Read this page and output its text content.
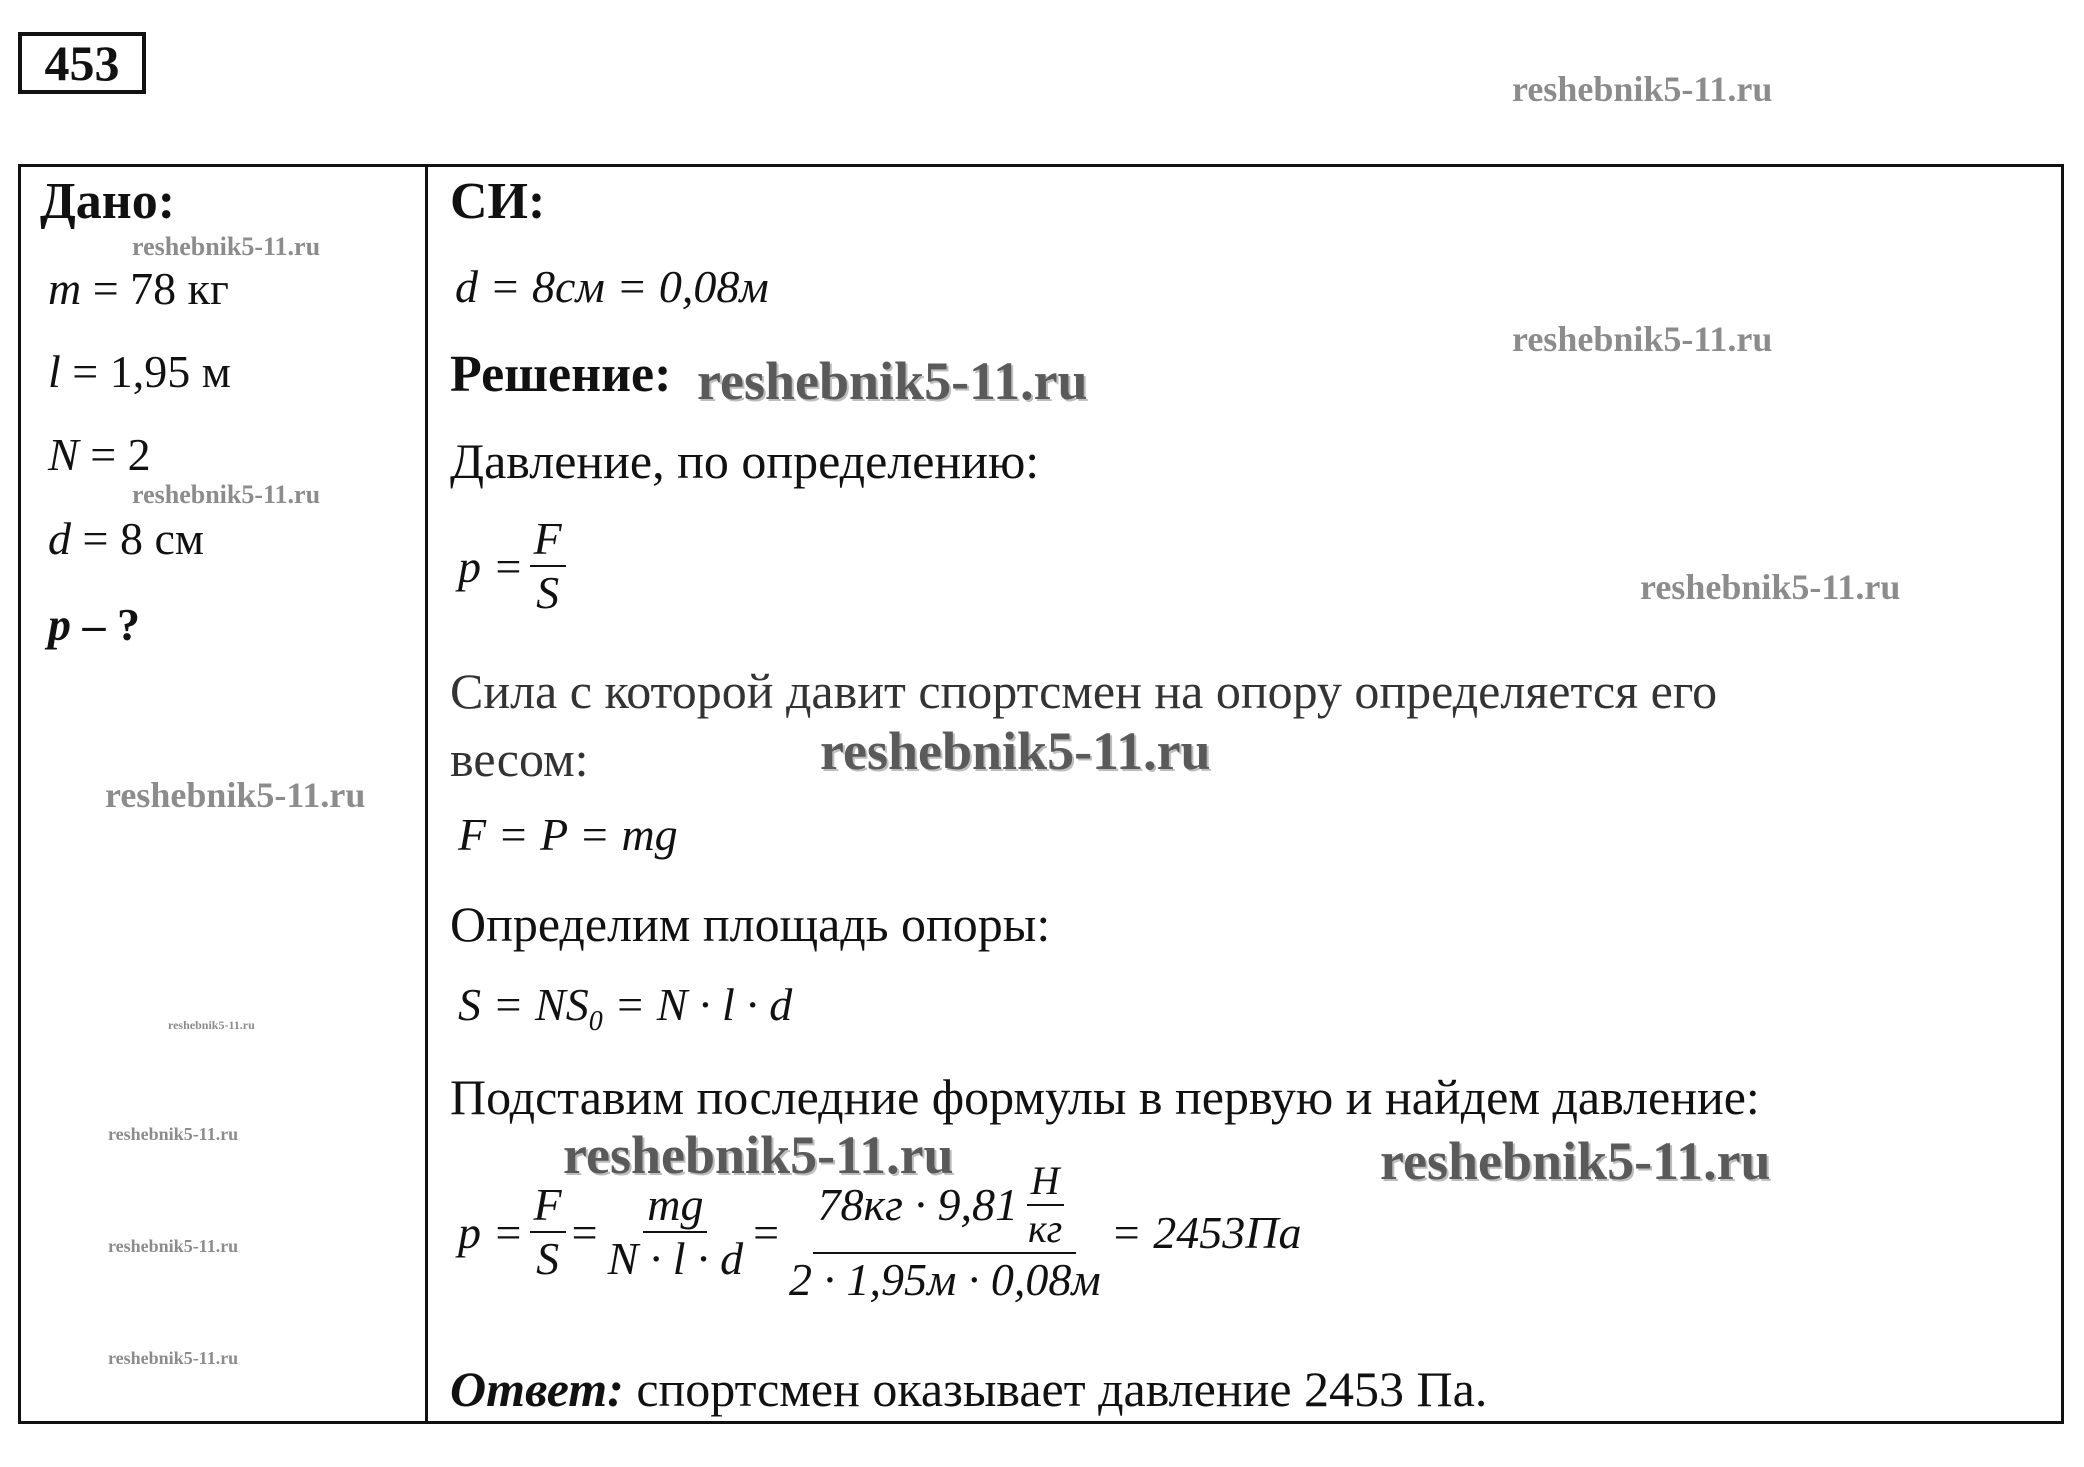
453
Дано:
m = 78 кг
l = 1,95 м
N = 2
d = 8 см
p – ?
СИ:
d = 8см = 0,08м
Решение:
Давление, по определению:
$p = \frac{F}{S}$
Сила с которой давит спортсмен на опору определяется его
весом:
F = P = mg
Определим площадь опоры:
$S = NS_0 = N \cdot l \cdot d$
Подставим последние формулы в первую и найдем давление:
$p = \frac{F}{S} = \frac{mg}{N \cdot l \cdot d} = \frac{78кг \cdot 9,81 \frac{Н}{кг}}{2 \cdot 1,95м \cdot 0,08м} = 2453Па$
Ответ: спортсмен оказывает давление 2453 Па.
reshebnik5-11.ru
reshebnik5-11.ru
reshebnik5-11.ru
reshebnik5-11.ru
reshebnik5-11.ru
reshebnik5-11.ru
reshebnik5-11.ru
reshebnik5-11.ru
reshebnik5-11.ru
reshebnik5-11.ru
reshebnik5-11.ru
reshebnik5-11.ru
reshebnik5-11.ru	reshebnik5-11.ru
